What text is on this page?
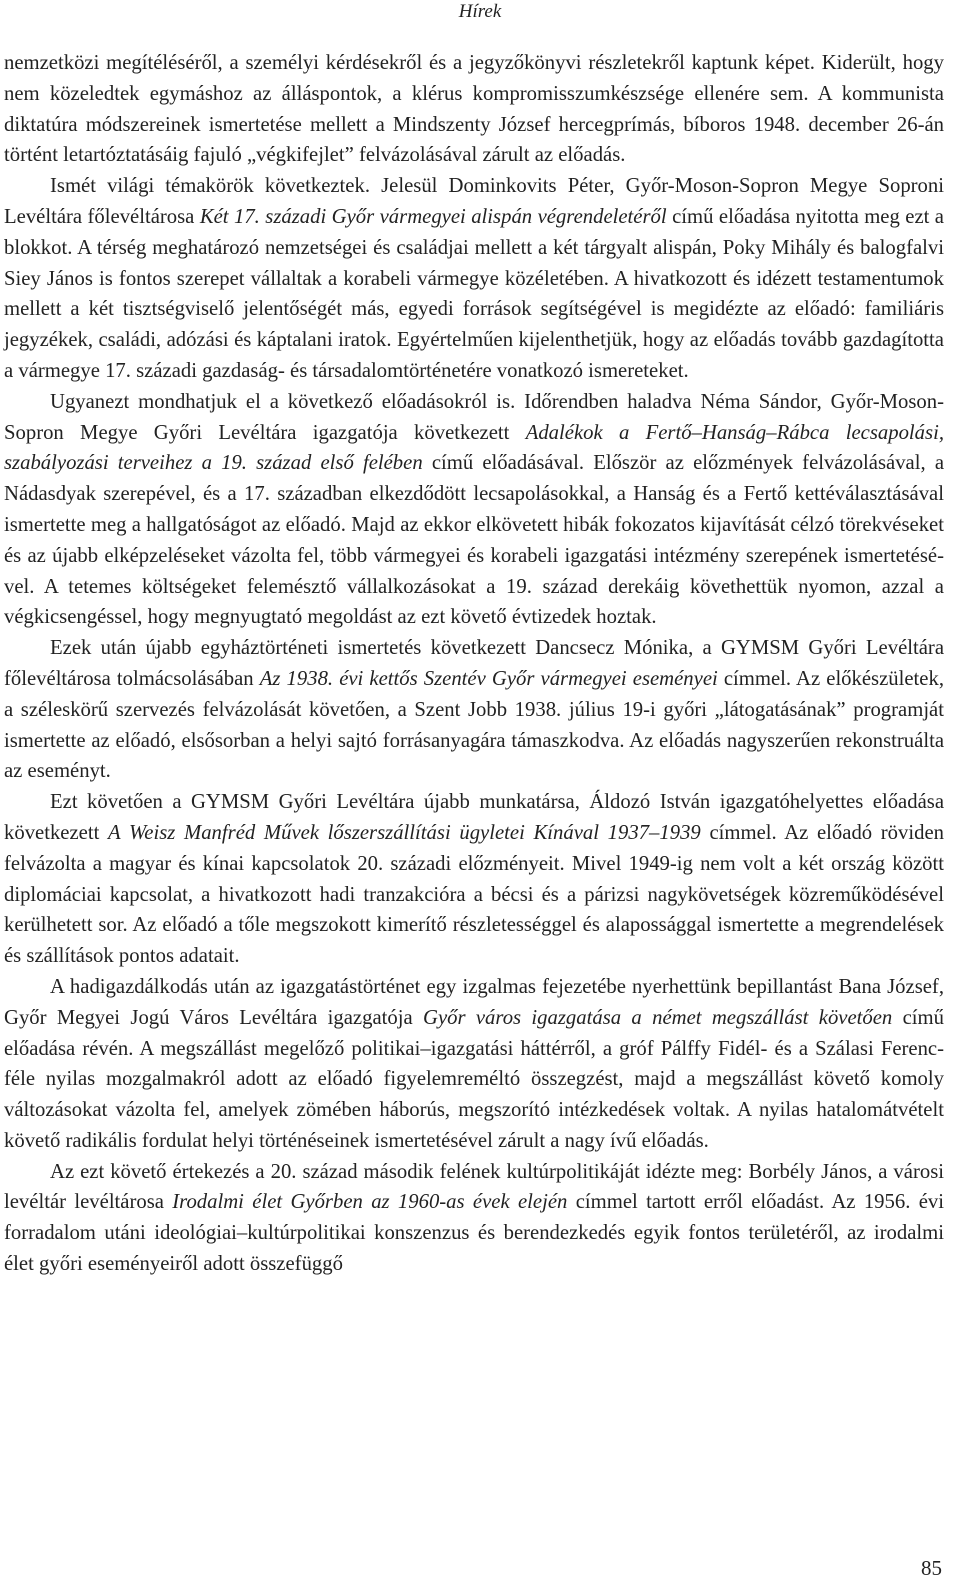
Hírek

nemzetközi megítéléséről, a személyi kérdésekről és a jegyzőkönyvi részletekről kaptunk képet. Kiderült, hogy nem közeledtek egymáshoz az álláspontok, a klérus kompromisszumkészsége ellenére sem. A kommunista diktatúra módszereinek ismertetése mellett a Mindszenty József hercegprímás, bíboros 1948. december 26-án történt letartóztatásáig fajuló „végkifejlet” felvázolásával zárult az előadás.

Ismét világi témakörök következtek. Jelesül Dominkovits Péter, Győr-Moson-Sopron Megye Soproni Levéltára főlevéltárosa Két 17. századi Győr vármegyei alispán végrendeletéről című előadása nyitotta meg ezt a blokkot. A térség meghatározó nemzetségei és családjai mellett a két tárgyalt alispán, Poky Mihály és balogfalvi Siey János is fontos szerepet vállaltak a korabeli vármegye közéletében. A hivatkozott és idézett testamentumok mellett a két tisztségviselő jelentőségét más, egyedi források segítségével is megidézte az előadó: familiáris jegyzékek, családi, adózási és káptalani iratok. Egyértelműen kijelenthetjük, hogy az előadás tovább gazdagította a vármegye 17. századi gazdaság- és társadalomtörténetére vonatkozó ismereteket.

Ugyanezt mondhatjuk el a következő előadásokról is. Időrendben haladva Néma Sándor, Győr-Moson-Sopron Megye Győri Levéltára igazgatója következett Adalékok a Fertő–Hanság–Rábca lecsapolási, szabályozási terveihez a 19. század első felében című előadásával. Először az előzmények felvázolásával, a Nádasdyak szerepével, és a 17. században elkezdődött lecsapolásokkal, a Hanság és a Fertő kettéválasztásával ismertette meg a hallgatóságot az előadó. Majd az ekkor elkövetett hibák fokozatos kijavítását célzó törekvéseket és az újabb elképzeléseket vázolta fel, több vármegyei és korabeli igazgatási intézmény szerepének ismertetésével. A tetemes költségeket felemésztő vállalkozásokat a 19. század derekáig követhettük nyomon, azzal a végkicsengéssel, hogy megnyugtató megoldást az ezt követő évtizedek hoztak.

Ezek után újabb egyháztörténeti ismertetés következett Dancsecz Mónika, a GYMSM Győri Levéltára főlevéltárosa tolmácsolásában Az 1938. évi kettős Szentév Győr vármegyei eseményei címmel. Az előkészületek, a széleskörű szervezés felvázolását követően, a Szent Jobb 1938. július 19-i győri „látogatásának” programját ismertette az előadó, elsősorban a helyi sajtó forrásanyagára támaszkodva. Az előadás nagyszerűen rekonstruálta az eseményt.

Ezt követően a GYMSM Győri Levéltára újabb munkatársa, Áldozó István igazgatóhelyettes előadása következett A Weisz Manfréd Művek lőszerszállítási ügyletei Kínával 1937–1939 címmel. Az előadó röviden felvázolta a magyar és kínai kapcsolatok 20. századi előzményeit. Mivel 1949-ig nem volt a két ország között diplomáciai kapcsolat, a hivatkozott hadi tranzakcióra a bécsi és a párizsi nagykövetségek közreműködésével kerülhetett sor. Az előadó a tőle megszokott kimerítő részletességgel és alapossággal ismertette a megrendelések és szállítások pontos adatait.

A hadigazdálkodás után az igazgatástörténet egy izgalmas fejezetébe nyerhettünk bepillantást Bana József, Győr Megyei Jogú Város Levéltára igazgatója Győr város igazgatása a német megszállást követően című előadása révén. A megszállást megelőző politikai–igazgatási háttérről, a gróf Pálffy Fidél- és a Szálasi Ferenc-féle nyilas mozgalmakról adott az előadó figyelemreméltó összegzést, majd a megszállást követő komoly változásokat vázolta fel, amelyek zömében háborús, megszorító intézkedések voltak. A nyilas hatalomátvételt követő radikális fordulat helyi történéseinek ismertetésével zárult a nagy ívű előadás.

Az ezt követő értekezés a 20. század második felének kultúrpolitikáját idézte meg: Borbély János, a városi levéltár levéltárosa Irodalmi élet Győrben az 1960-as évek elején címmel tartott erről előadást. Az 1956. évi forradalom utáni ideológiai–kultúrpolitikai konszenzus és berendezkedés egyik fontos területéről, az irodalmi élet győri eseményeiről adott összefüggő

85
